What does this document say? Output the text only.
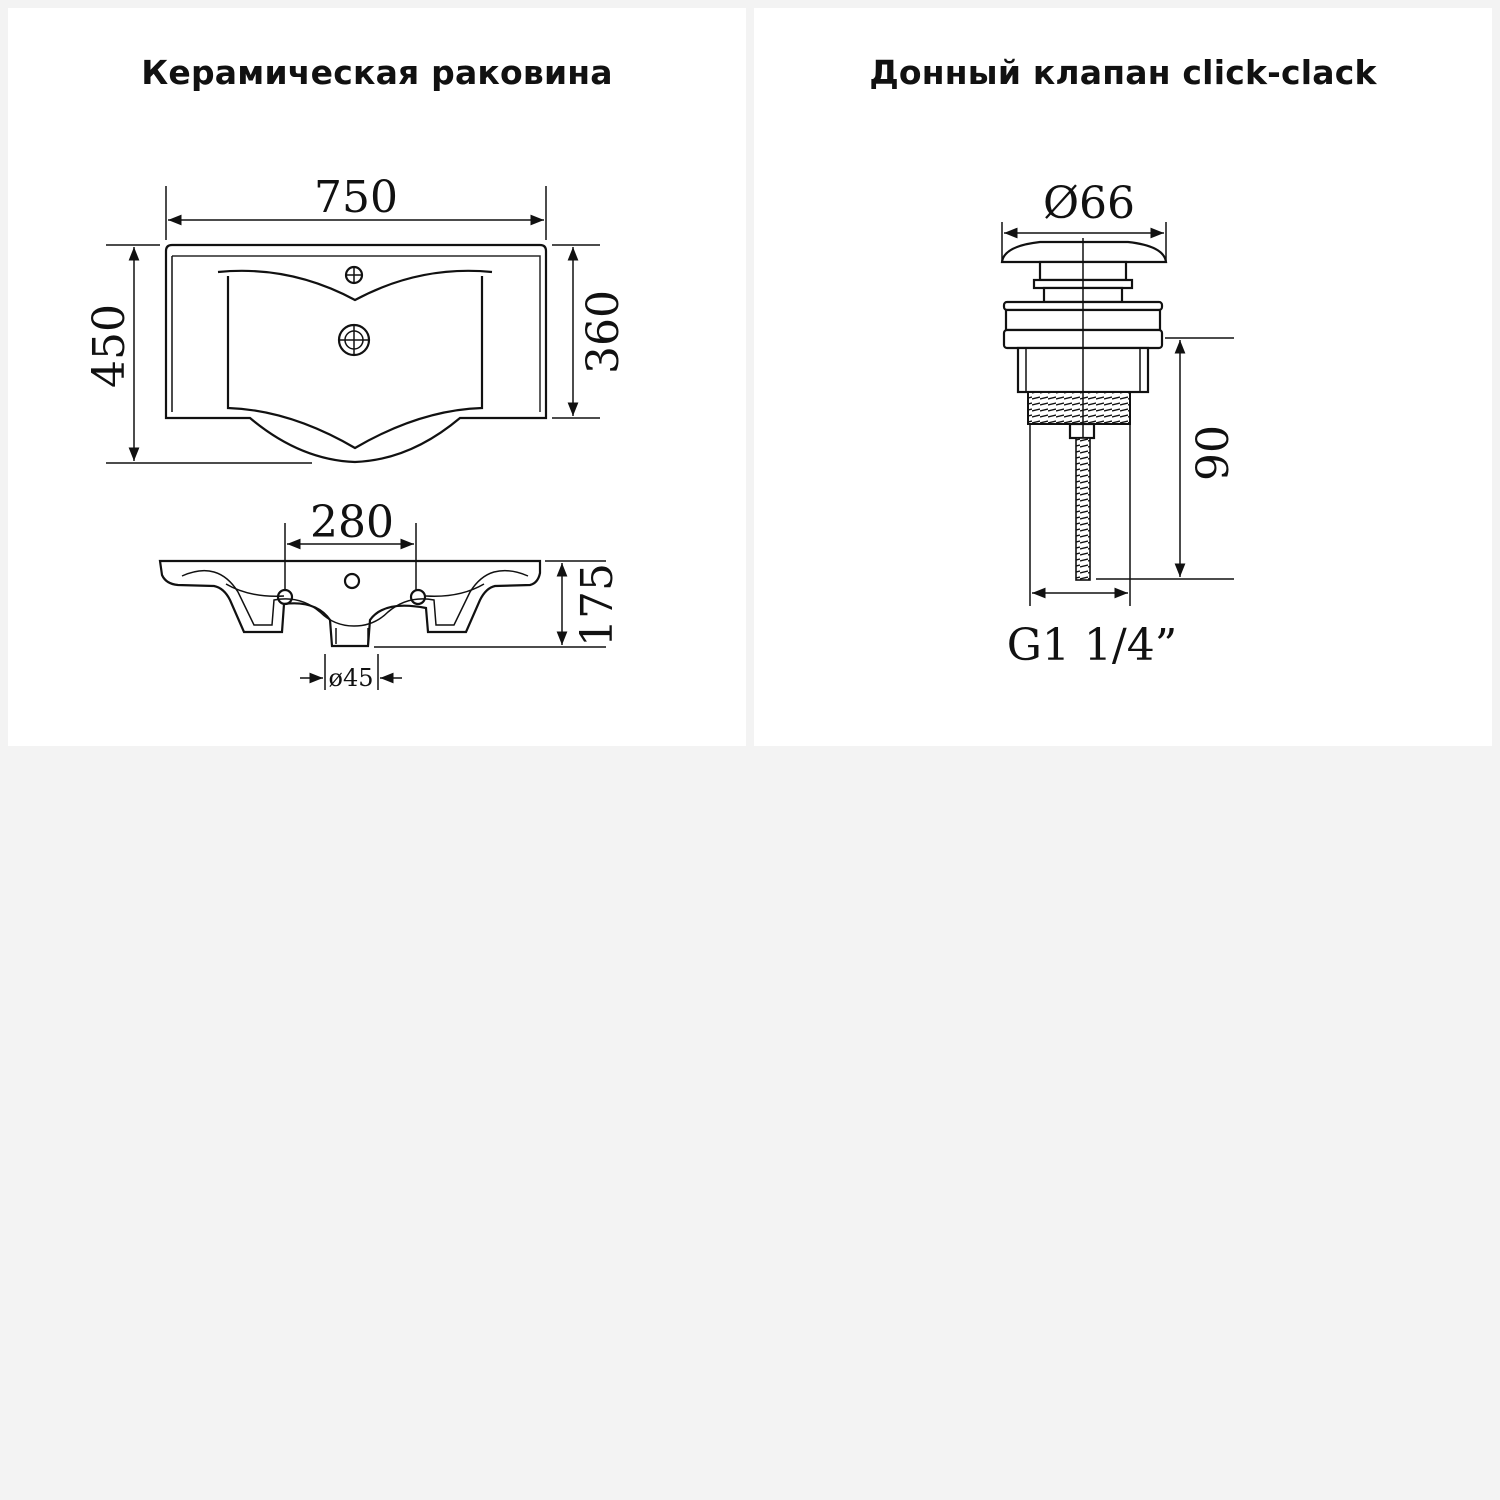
Керамическая раковина
750
450	360
280
175
ø45
Донный клапан click-clack
Ø66
90
G1 1/4”
